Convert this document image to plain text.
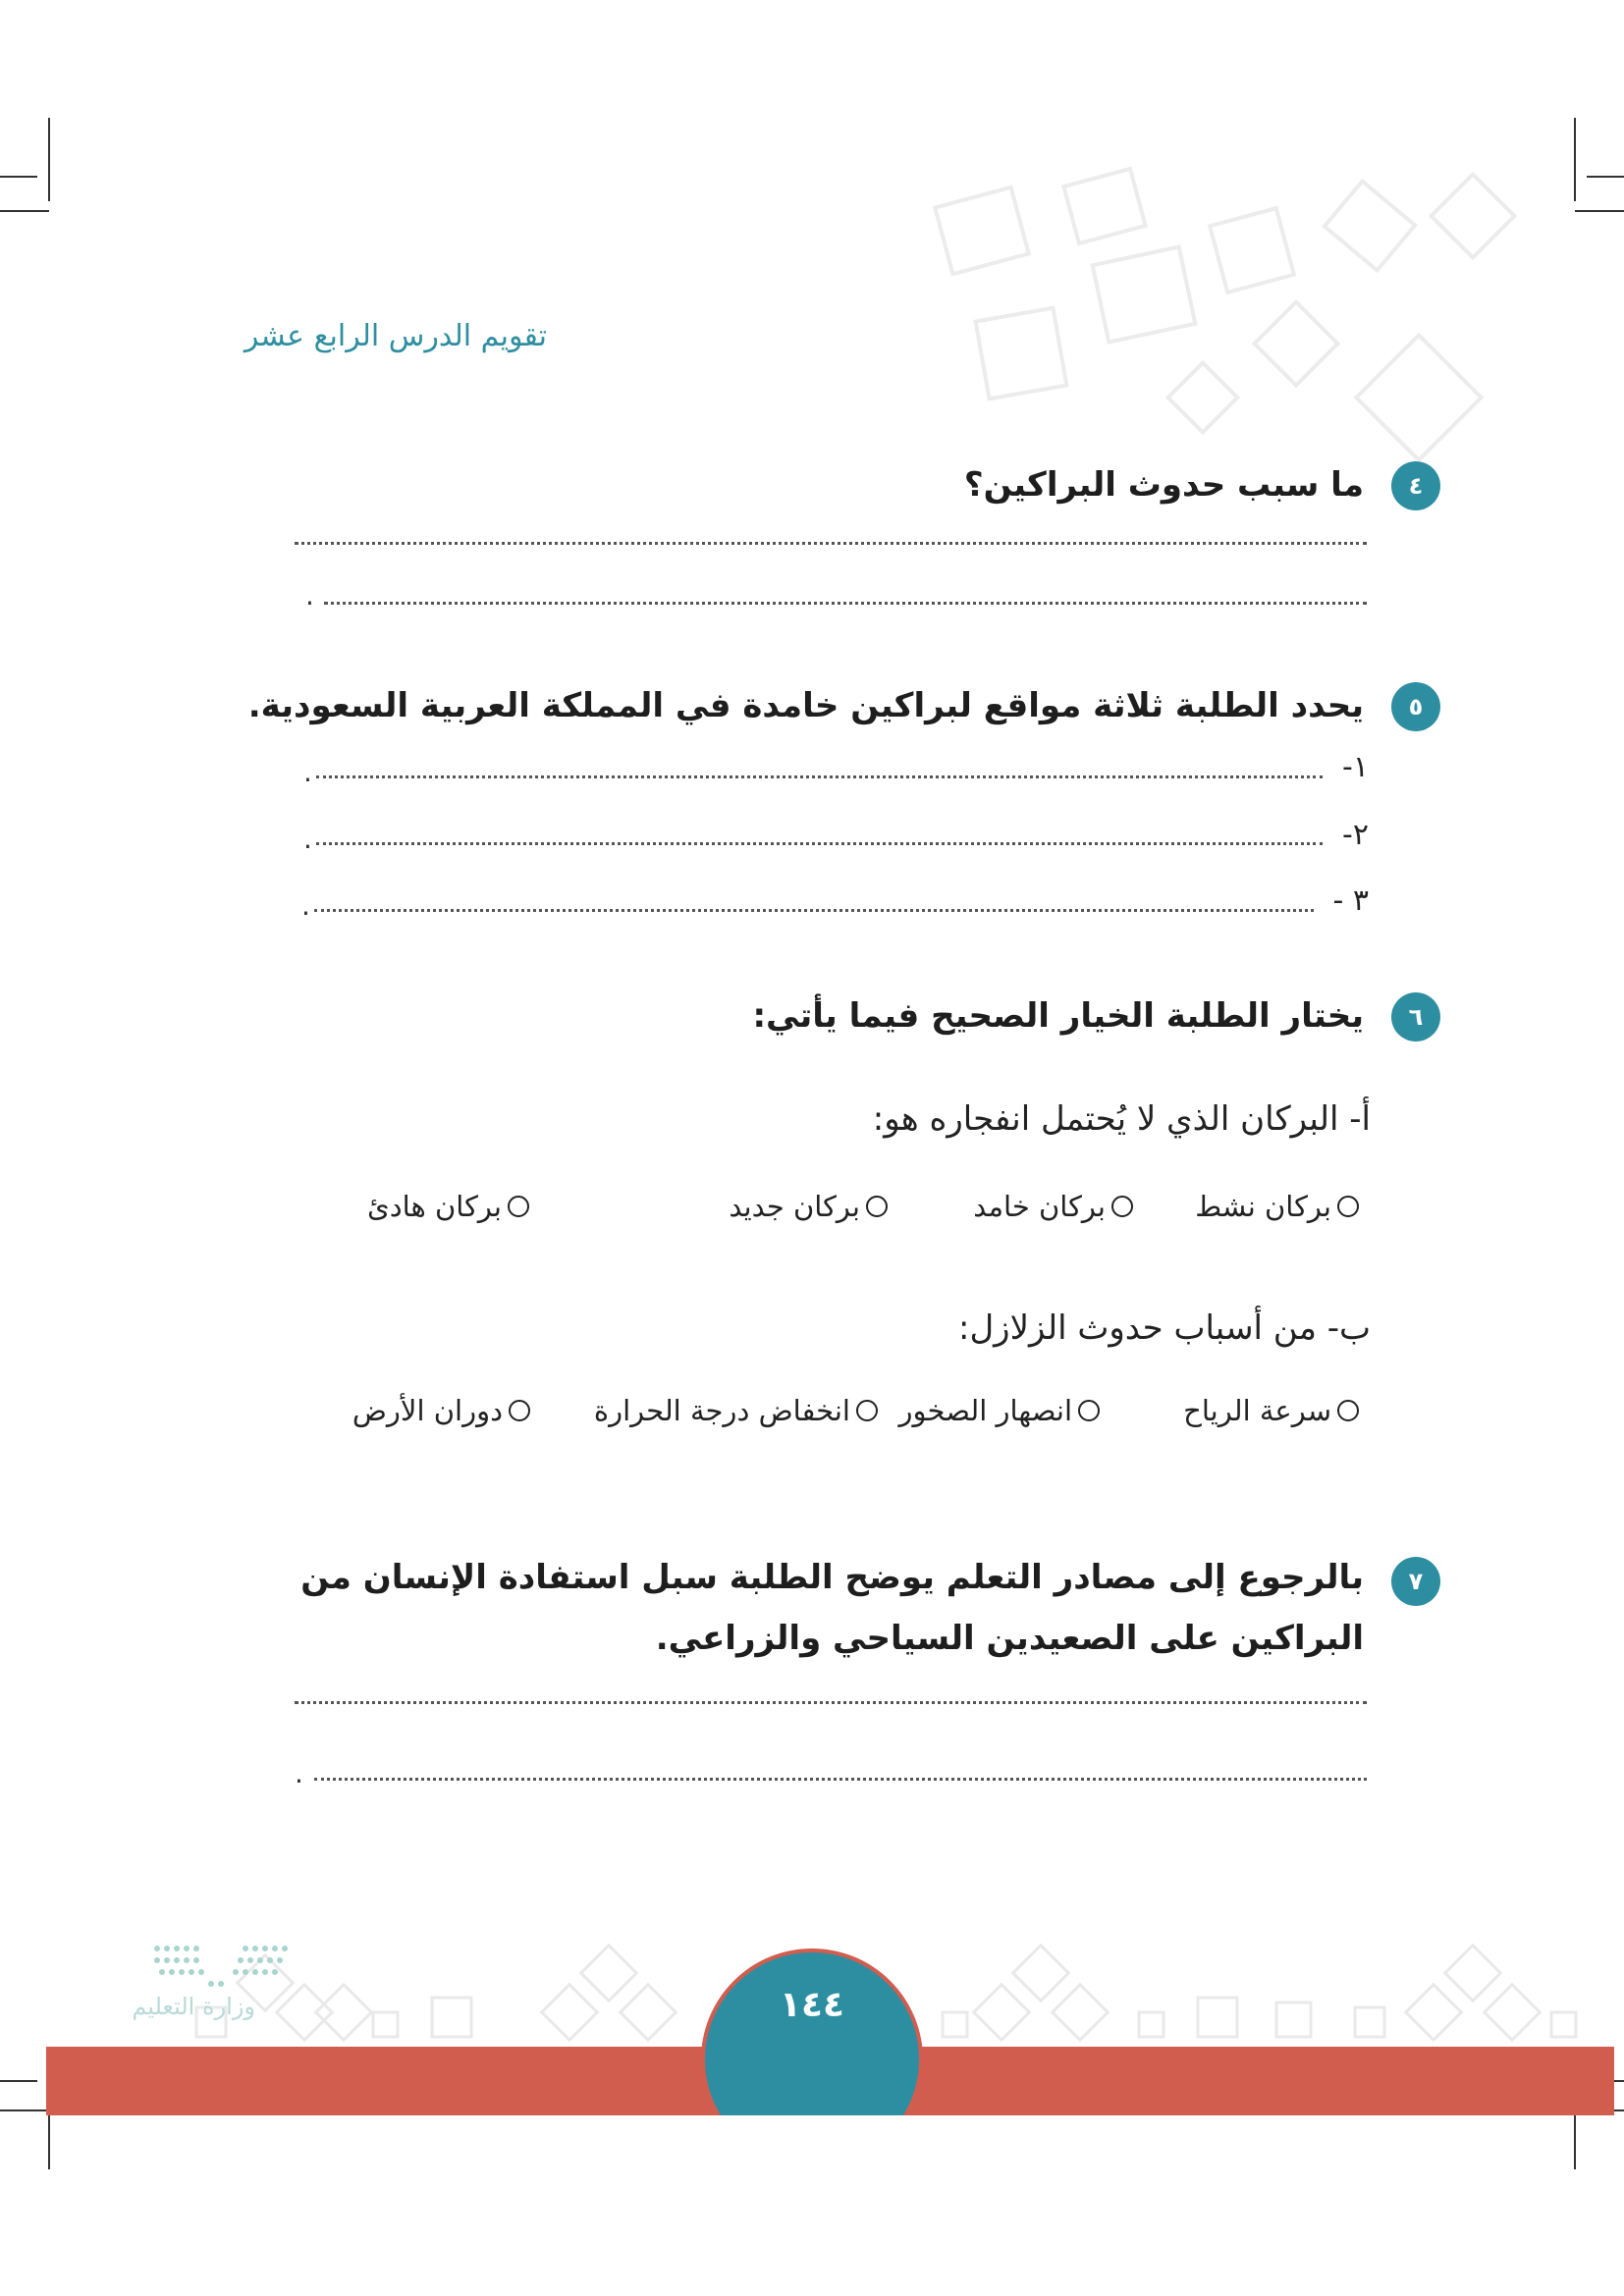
تقويم الدرس الرابع عشر
٤
ما سبب حدوث البراكين؟
.
٥
يحدد الطلبة ثلاثة مواقع لبراكين خامدة في المملكة العربية السعودية.
١-
.
٢-
.
٣ -
.
٦
يختار الطلبة الخيار الصحيح فيما يأتي:
أ- البركان الذي لا يُحتمل انفجاره هو:
بركان نشط
بركان خامد
بركان جديد
بركان هادئ
ب- من أسباب حدوث الزلازل:
سرعة الرياح
انصهار الصخور
انخفاض درجة الحرارة
دوران الأرض
٧
بالرجوع إلى مصادر التعلم يوضح الطلبة سبل استفادة الإنسان من البراكين على الصعيدين السياحي والزراعي.
.
وزارة التعليم	١٤٤
